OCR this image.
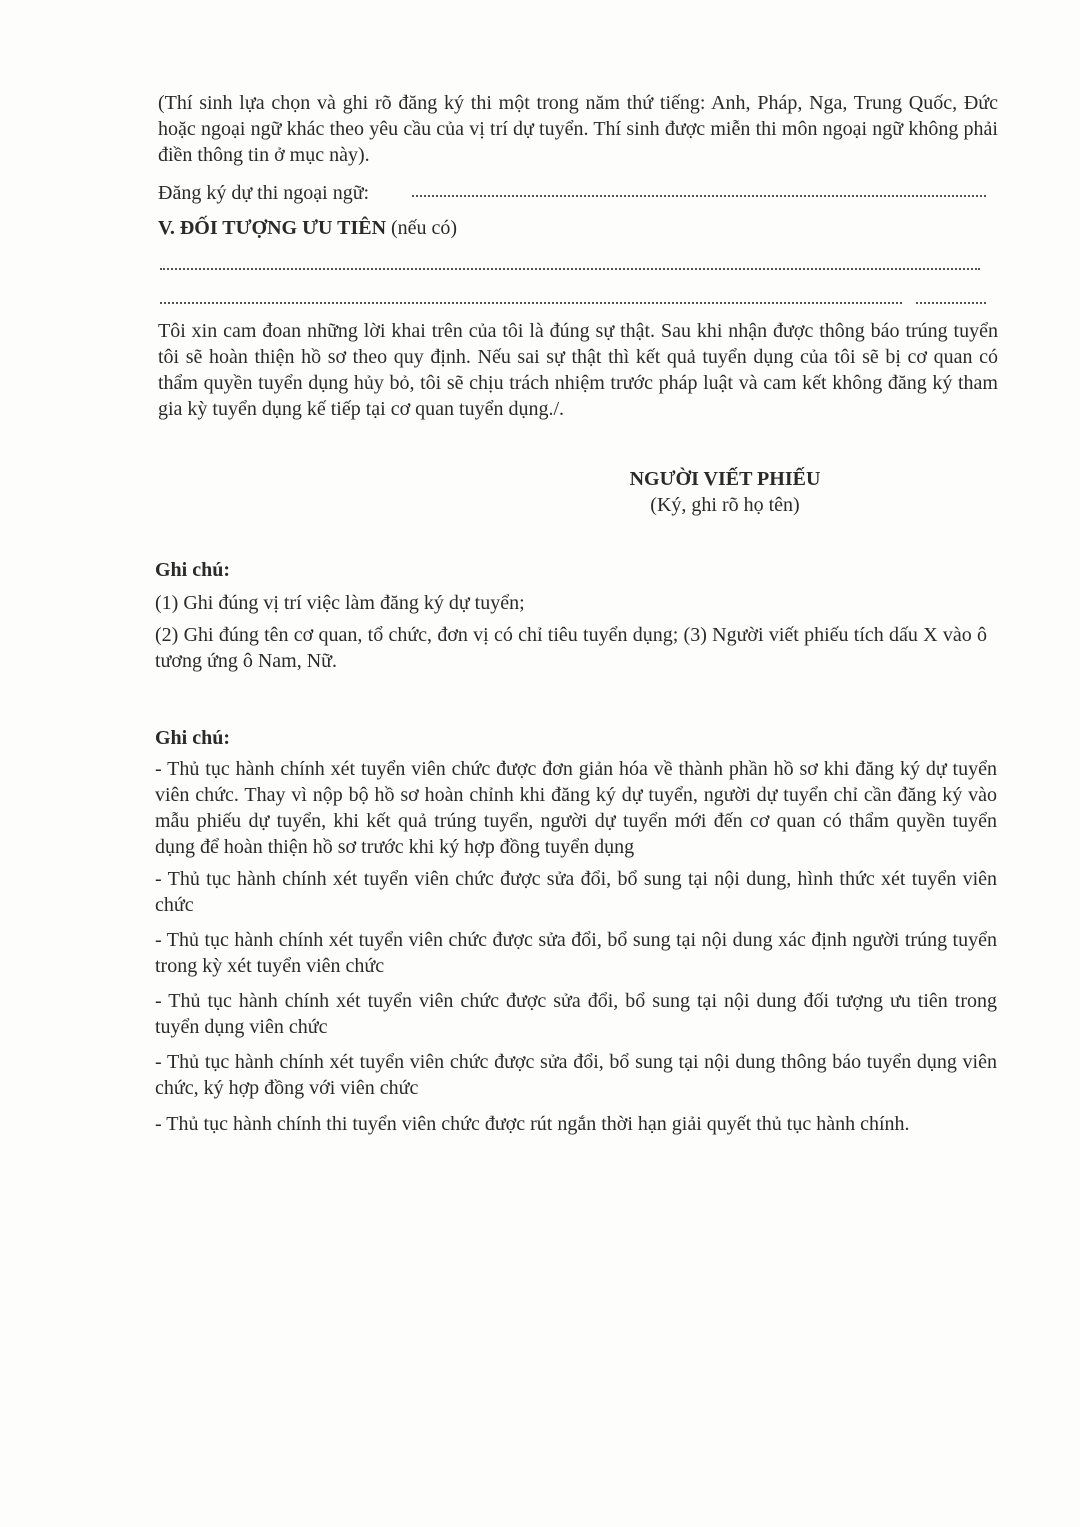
(Thí sinh lựa chọn và ghi rõ đăng ký thi một trong năm thứ tiếng: Anh, Pháp, Nga, Trung Quốc, Đức hoặc ngoại ngữ khác theo yêu cầu của vị trí dự tuyển. Thí sinh được miễn thi môn ngoại ngữ không phải điền thông tin ở mục này).

Đăng ký dự thi ngoại ngữ:
V. ĐỐI TƯỢNG ƯU TIÊN (nếu có)

Tôi xin cam đoan những lời khai trên của tôi là đúng sự thật. Sau khi nhận được thông báo trúng tuyển tôi sẽ hoàn thiện hồ sơ theo quy định. Nếu sai sự thật thì kết quả tuyển dụng của tôi sẽ bị cơ quan có thẩm quyền tuyển dụng hủy bỏ, tôi sẽ chịu trách nhiệm trước pháp luật và cam kết không đăng ký tham gia kỳ tuyển dụng kế tiếp tại cơ quan tuyển dụng./.

NGƯỜI VIẾT PHIẾU
(Ký, ghi rõ họ tên)
Ghi chú:

(1) Ghi đúng vị trí việc làm đăng ký dự tuyển;

(2) Ghi đúng tên cơ quan, tổ chức, đơn vị có chỉ tiêu tuyển dụng; (3) Người viết phiếu tích dấu X vào ô tương ứng ô Nam, Nữ.

Ghi chú:

- Thủ tục hành chính xét tuyển viên chức được đơn giản hóa về thành phần hồ sơ khi đăng ký dự tuyển viên chức. Thay vì nộp bộ hồ sơ hoàn chỉnh khi đăng ký dự tuyển, người dự tuyển chỉ cần đăng ký vào mẫu phiếu dự tuyển, khi kết quả trúng tuyển, người dự tuyển mới đến cơ quan có thẩm quyền tuyển dụng để hoàn thiện hồ sơ trước khi ký hợp đồng tuyển dụng

- Thủ tục hành chính xét tuyển viên chức được sửa đổi, bổ sung tại nội dung, hình thức xét tuyển viên chức

- Thủ tục hành chính xét tuyển viên chức được sửa đổi, bổ sung tại nội dung xác định người trúng tuyển trong kỳ xét tuyển viên chức

- Thủ tục hành chính xét tuyển viên chức được sửa đổi, bổ sung tại nội dung đối tượng ưu tiên trong tuyển dụng viên chức

- Thủ tục hành chính xét tuyển viên chức được sửa đổi, bổ sung tại nội dung thông báo tuyển dụng viên chức, ký hợp đồng với viên chức

- Thủ tục hành chính thi tuyển viên chức được rút ngắn thời hạn giải quyết thủ tục hành chính.
